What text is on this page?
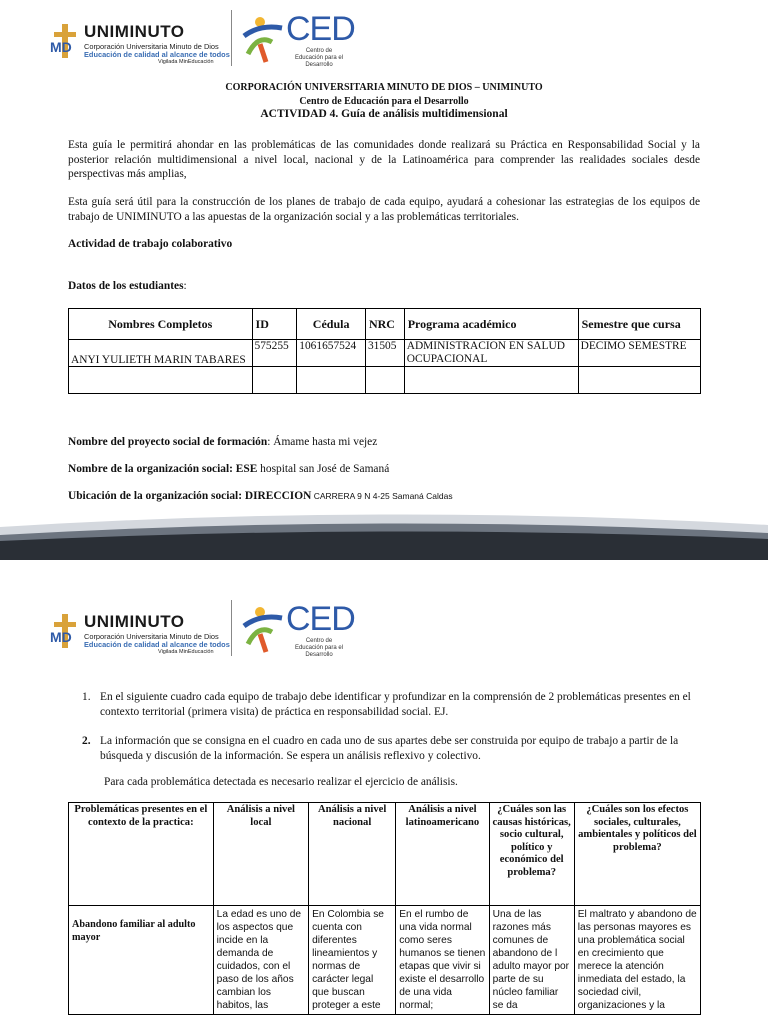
MD
UNIMINUTO
Corporación Universitaria Minuto de Dios
Educación de calidad al alcance de todos
Vigilada MinEducación
CED
Centro de Educación para el Desarrollo
CORPORACIÓN UNIVERSITARIA MINUTO DE DIOS – UNIMINUTO
Centro de Educación para el Desarrollo
ACTIVIDAD 4. Guía de análisis multidimensional
Esta guía le permitirá ahondar en las problemáticas de las comunidades donde realizará su Práctica en Responsabilidad Social y la posterior relación multidimensional a nivel local, nacional y de la Latinoamérica para comprender las realidades sociales desde perspectivas más amplias,
Esta guía será útil para la construcción de los planes de trabajo de cada equipo, ayudará a cohesionar las estrategias de los equipos de trabajo de UNIMINUTO a las apuestas de la organización social y a las problemáticas territoriales.
Actividad de trabajo colaborativo
Datos de los estudiantes:
Nombres Completos	ID	Cédula	NRC	Programa académico	Semestre que cursa
ANYI YULIETH MARIN TABARES	575255	1061657524	31505	ADMINISTRACION EN SALUD OCUPACIONAL	DECIMO SEMESTRE

Nombre del proyecto social de formación: Ámame hasta mi vejez
Nombre de la organización social: ESE hospital san José de Samaná
Ubicación de la organización social: DIRECCION CARRERA 9 N 4-25 Samaná Caldas
MD
UNIMINUTO
Corporación Universitaria Minuto de Dios
Educación de calidad al alcance de todos
Vigilada MinEducación
CED
Centro de Educación para el Desarrollo
1. En el siguiente cuadro cada equipo de trabajo debe identificar y profundizar en la comprensión de 2 problemáticas presentes en el contexto territorial (primera visita) de práctica en responsabilidad social. EJ.
2. La información que se consigna en el cuadro en cada uno de sus apartes debe ser construida por equipo de trabajo a partir de la búsqueda y discusión de la información. Se espera un análisis reflexivo y colectivo.
Para cada problemática detectada es necesario realizar el ejercicio de análisis.
Problemáticas presentes en el contexto de la practica:	Análisis a nivel local	Análisis a nivel nacional	Análisis a nivel latinoamericano	¿Cuáles son las causas históricas, socio cultural, político y económico del problema?	¿Cuáles son los efectos sociales, culturales, ambientales y políticos del problema?
Abandono familiar al adulto mayor	La edad es uno de los aspectos que incide en la demanda de cuidados, con el paso de los años cambian los habitos, las	En Colombia se cuenta con diferentes lineamientos y normas de carácter legal que buscan proteger a este	En el rumbo de una vida normal como seres humanos se tienen etapas que vivir si existe el desarrollo de una vida normal;	Una de las razones más comunes de abandono de l adulto mayor por parte de su núcleo familiar se da	El maltrato y abandono de las personas mayores es una problemática social en crecimiento que merece la atención inmediata del estado, la sociedad civil, organizaciones y la
